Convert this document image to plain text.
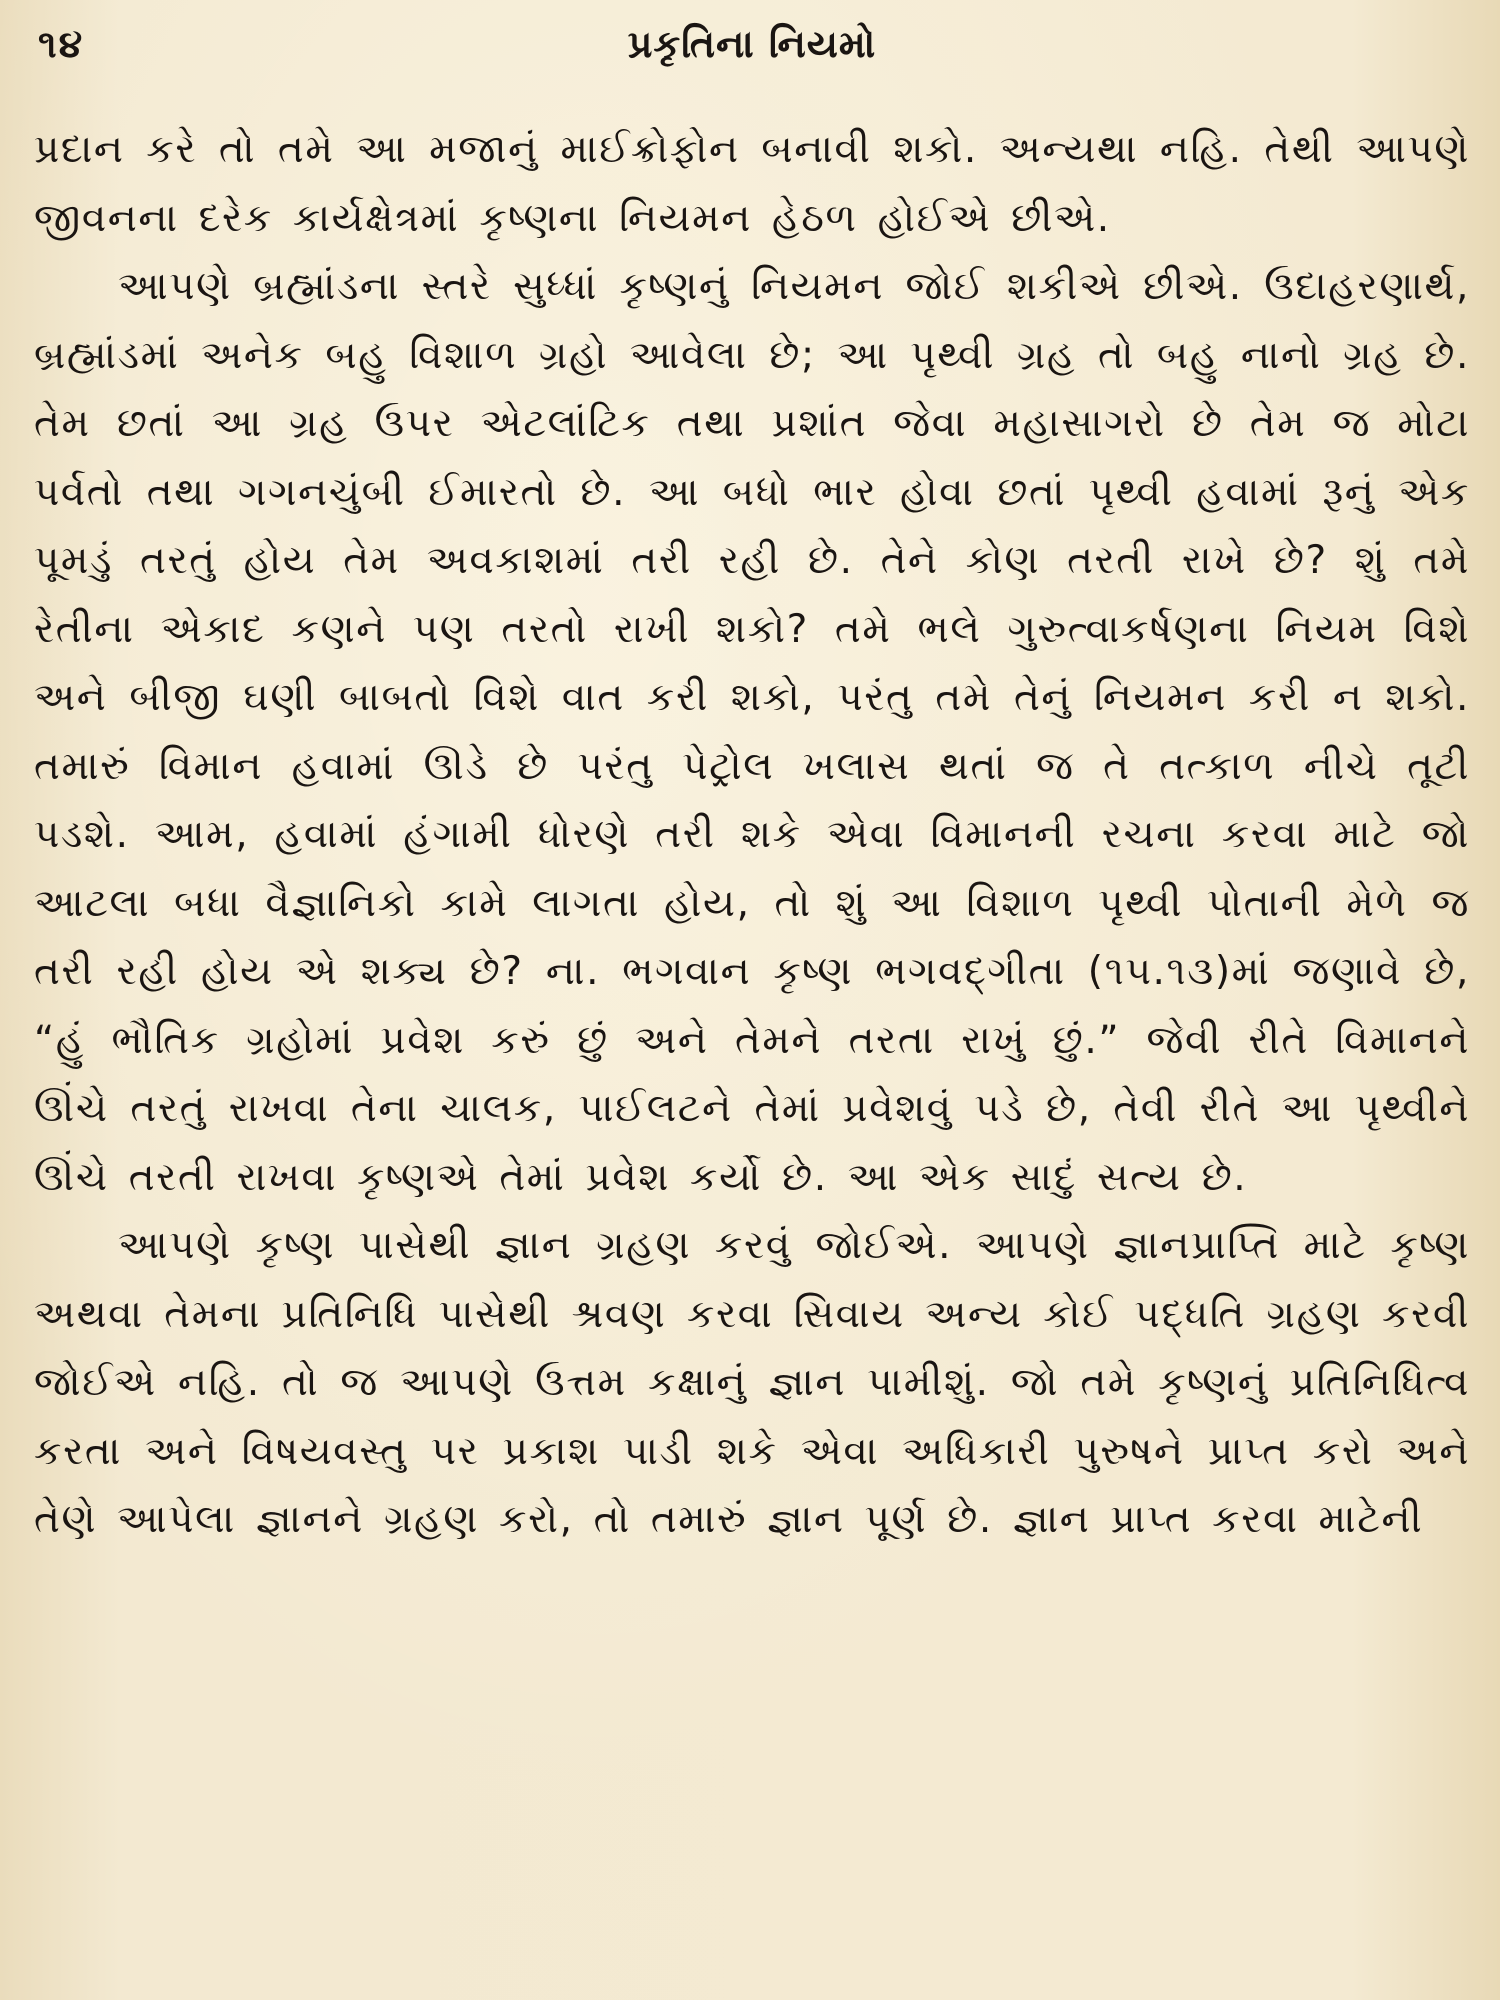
૧૪	પ્રકૃતિના નિયમો

પ્રદાન કરે તો તમે આ મજાનું માઈક્રોફોન બનાવી શકો. અન્યથા નહિ. તેથી આપણે જીવનના દરેક કાર્યક્ષેત્રમાં કૃષ્ણના નિયમન હેઠળ હોઈએ છીએ.

આપણે બ્રહ્માંડના સ્તરે સુધ્ધાં કૃષ્ણનું નિયમન જોઈ શકીએ છીએ. ઉદાહરણાર્થ, બ્રહ્માંડમાં અનેક બહુ વિશાળ ગ્રહો આવેલા છે; આ પૃથ્વી ગ્રહ તો બહુ નાનો ગ્રહ છે. તેમ છતાં આ ગ્રહ ઉપર એટલાંટિક તથા પ્રશાંત જેવા મહાસાગરો છે તેમ જ મોટા પર્વતો તથા ગગનચુંબી ઈમારતો છે. આ બધો ભાર હોવા છતાં પૃથ્વી હવામાં રૂનું એક પૂમડું તરતું હોય તેમ અવકાશમાં તરી રહી છે. તેને કોણ તરતી રાખે છે? શું તમે રેતીના એકાદ કણને પણ તરતો રાખી શકો? તમે ભલે ગુરુત્વાકર્ષણના નિયમ વિશે અને બીજી ઘણી બાબતો વિશે વાત કરી શકો, પરંતુ તમે તેનું નિયમન કરી ન શકો. તમારું વિમાન હવામાં ઊડે છે પરંતુ પેટ્રોલ ખલાસ થતાં જ તે તત્કાળ નીચે તૂટી પડશે. આમ, હવામાં હંગામી ધોરણે તરી શકે એવા વિમાનની રચના કરવા માટે જો આટલા બધા વૈજ્ઞાનિકો કામે લાગતા હોય, તો શું આ વિશાળ પૃથ્વી પોતાની મેળે જ તરી રહી હોય એ શક્ય છે? ના. ભગવાન કૃષ્ણ ભગવદ્‌ગીતા (૧૫.૧૩)માં જણાવે છે, “હું ભૌતિક ગ્રહોમાં પ્રવેશ કરું છું અને તેમને તરતા રાખું છું.” જેવી રીતે વિમાનને ઊંચે તરતું રાખવા તેના ચાલક, પાઈલટને તેમાં પ્રવેશવું પડે છે, તેવી રીતે આ પૃથ્વીને ઊંચે તરતી રાખવા કૃષ્ણએ તેમાં પ્રવેશ કર્યો છે. આ એક સાદું સત્ય છે.

આપણે કૃષ્ણ પાસેથી જ્ઞાન ગ્રહણ કરવું જોઈએ. આપણે જ્ઞાનપ્રાપ્તિ માટે કૃષ્ણ અથવા તેમના પ્રતિનિધિ પાસેથી શ્રવણ કરવા સિવાય અન્ય કોઈ પદ્ધતિ ગ્રહણ કરવી જોઈએ નહિ. તો જ આપણે ઉત્તમ કક્ષાનું જ્ઞાન પામીશું. જો તમે કૃષ્ણનું પ્રતિનિધિત્વ કરતા અને વિષયવસ્તુ પર પ્રકાશ પાડી શકે એવા અધિકારી પુરુષને પ્રાપ્ત કરો અને તેણે આપેલા જ્ઞાનને ગ્રહણ કરો, તો તમારું જ્ઞાન પૂર્ણ છે. જ્ઞાન પ્રાપ્ત કરવા માટેની
